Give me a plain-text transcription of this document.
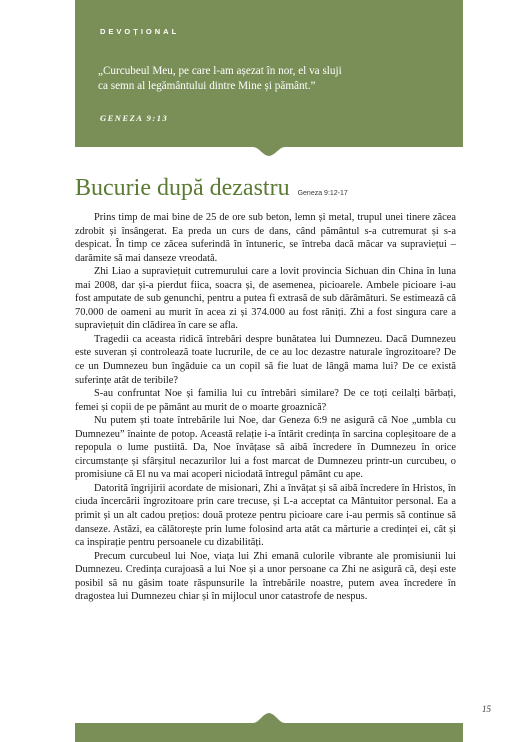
DEVOȚIONAL
„Curcubeul Meu, pe care l-am așezat în nor, el va sluji ca semn al legământului dintre Mine și pământ.”
GENEZA 9:13
Bucurie după dezastru Geneza 9:12-17

Prins timp de mai bine de 25 de ore sub beton, lemn și metal, trupul unei tinere zăcea zdrobit și însângerat. Ea preda un curs de dans, când pământul s-a cutremurat și s-a despicat. În timp ce zăcea suferindă în întuneric, se întreba dacă măcar va supraviețui – darămite să mai danseze vreodată.

Zhi Liao a supraviețuit cutremurului care a lovit provincia Sichuan din China în luna mai 2008, dar și-a pierdut fiica, soacra și, de asemenea, picioarele. Ambele picioare i-au fost amputate de sub genunchi, pentru a putea fi extrasă de sub dărâmături. Se estimează că 70.000 de oameni au murit în acea zi și 374.000 au fost răniți. Zhi a fost singura care a supraviețuit din clădirea în care se afla.

Tragedii ca aceasta ridică întrebări despre bunătatea lui Dumnezeu. Dacă Dumnezeu este suveran și controlează toate lucrurile, de ce au loc dezastre naturale îngrozitoare? De ce un Dumnezeu bun îngăduie ca un copil să fie luat de lângă mama lui? De ce există suferințe atât de teribile?

S-au confruntat Noe și familia lui cu întrebări similare? De ce toți ceilalți bărbați, femei și copii de pe pământ au murit de o moarte groaznică?

Nu putem ști toate întrebările lui Noe, dar Geneza 6:9 ne asigură că Noe „umbla cu Dumnezeu” înainte de potop. Această relație i-a întărit credința în sarcina copleșitoare de a repopula o lume pustiită. Da, Noe învățase să aibă încredere în Dumnezeu în orice circumstanțe și sfârșitul necazurilor lui a fost marcat de Dumnezeu printr-un curcubeu, o promisiune că El nu va mai acoperi niciodată întregul pământ cu ape.

Datorită îngrijirii acordate de misionari, Zhi a învățat și să aibă încredere în Hristos, în ciuda încercării îngrozitoare prin care trecuse, și L-a acceptat ca Mântuitor personal. Ea a primit și un alt cadou prețios: două proteze pentru picioare care i-au permis să continue să danseze. Astăzi, ea călătorește prin lume folosind arta atât ca mărturie a credinței ei, cât și ca inspirație pentru persoanele cu dizabilități.

Precum curcubeul lui Noe, viața lui Zhi emană culorile vibrante ale promisiunii lui Dumnezeu. Credința curajoasă a lui Noe și a unor persoane ca Zhi ne asigură că, deși este posibil să nu găsim toate răspunsurile la întrebările noastre, putem avea încredere în dragostea lui Dumnezeu chiar și în mijlocul unor catastrofe de nespus.

15
